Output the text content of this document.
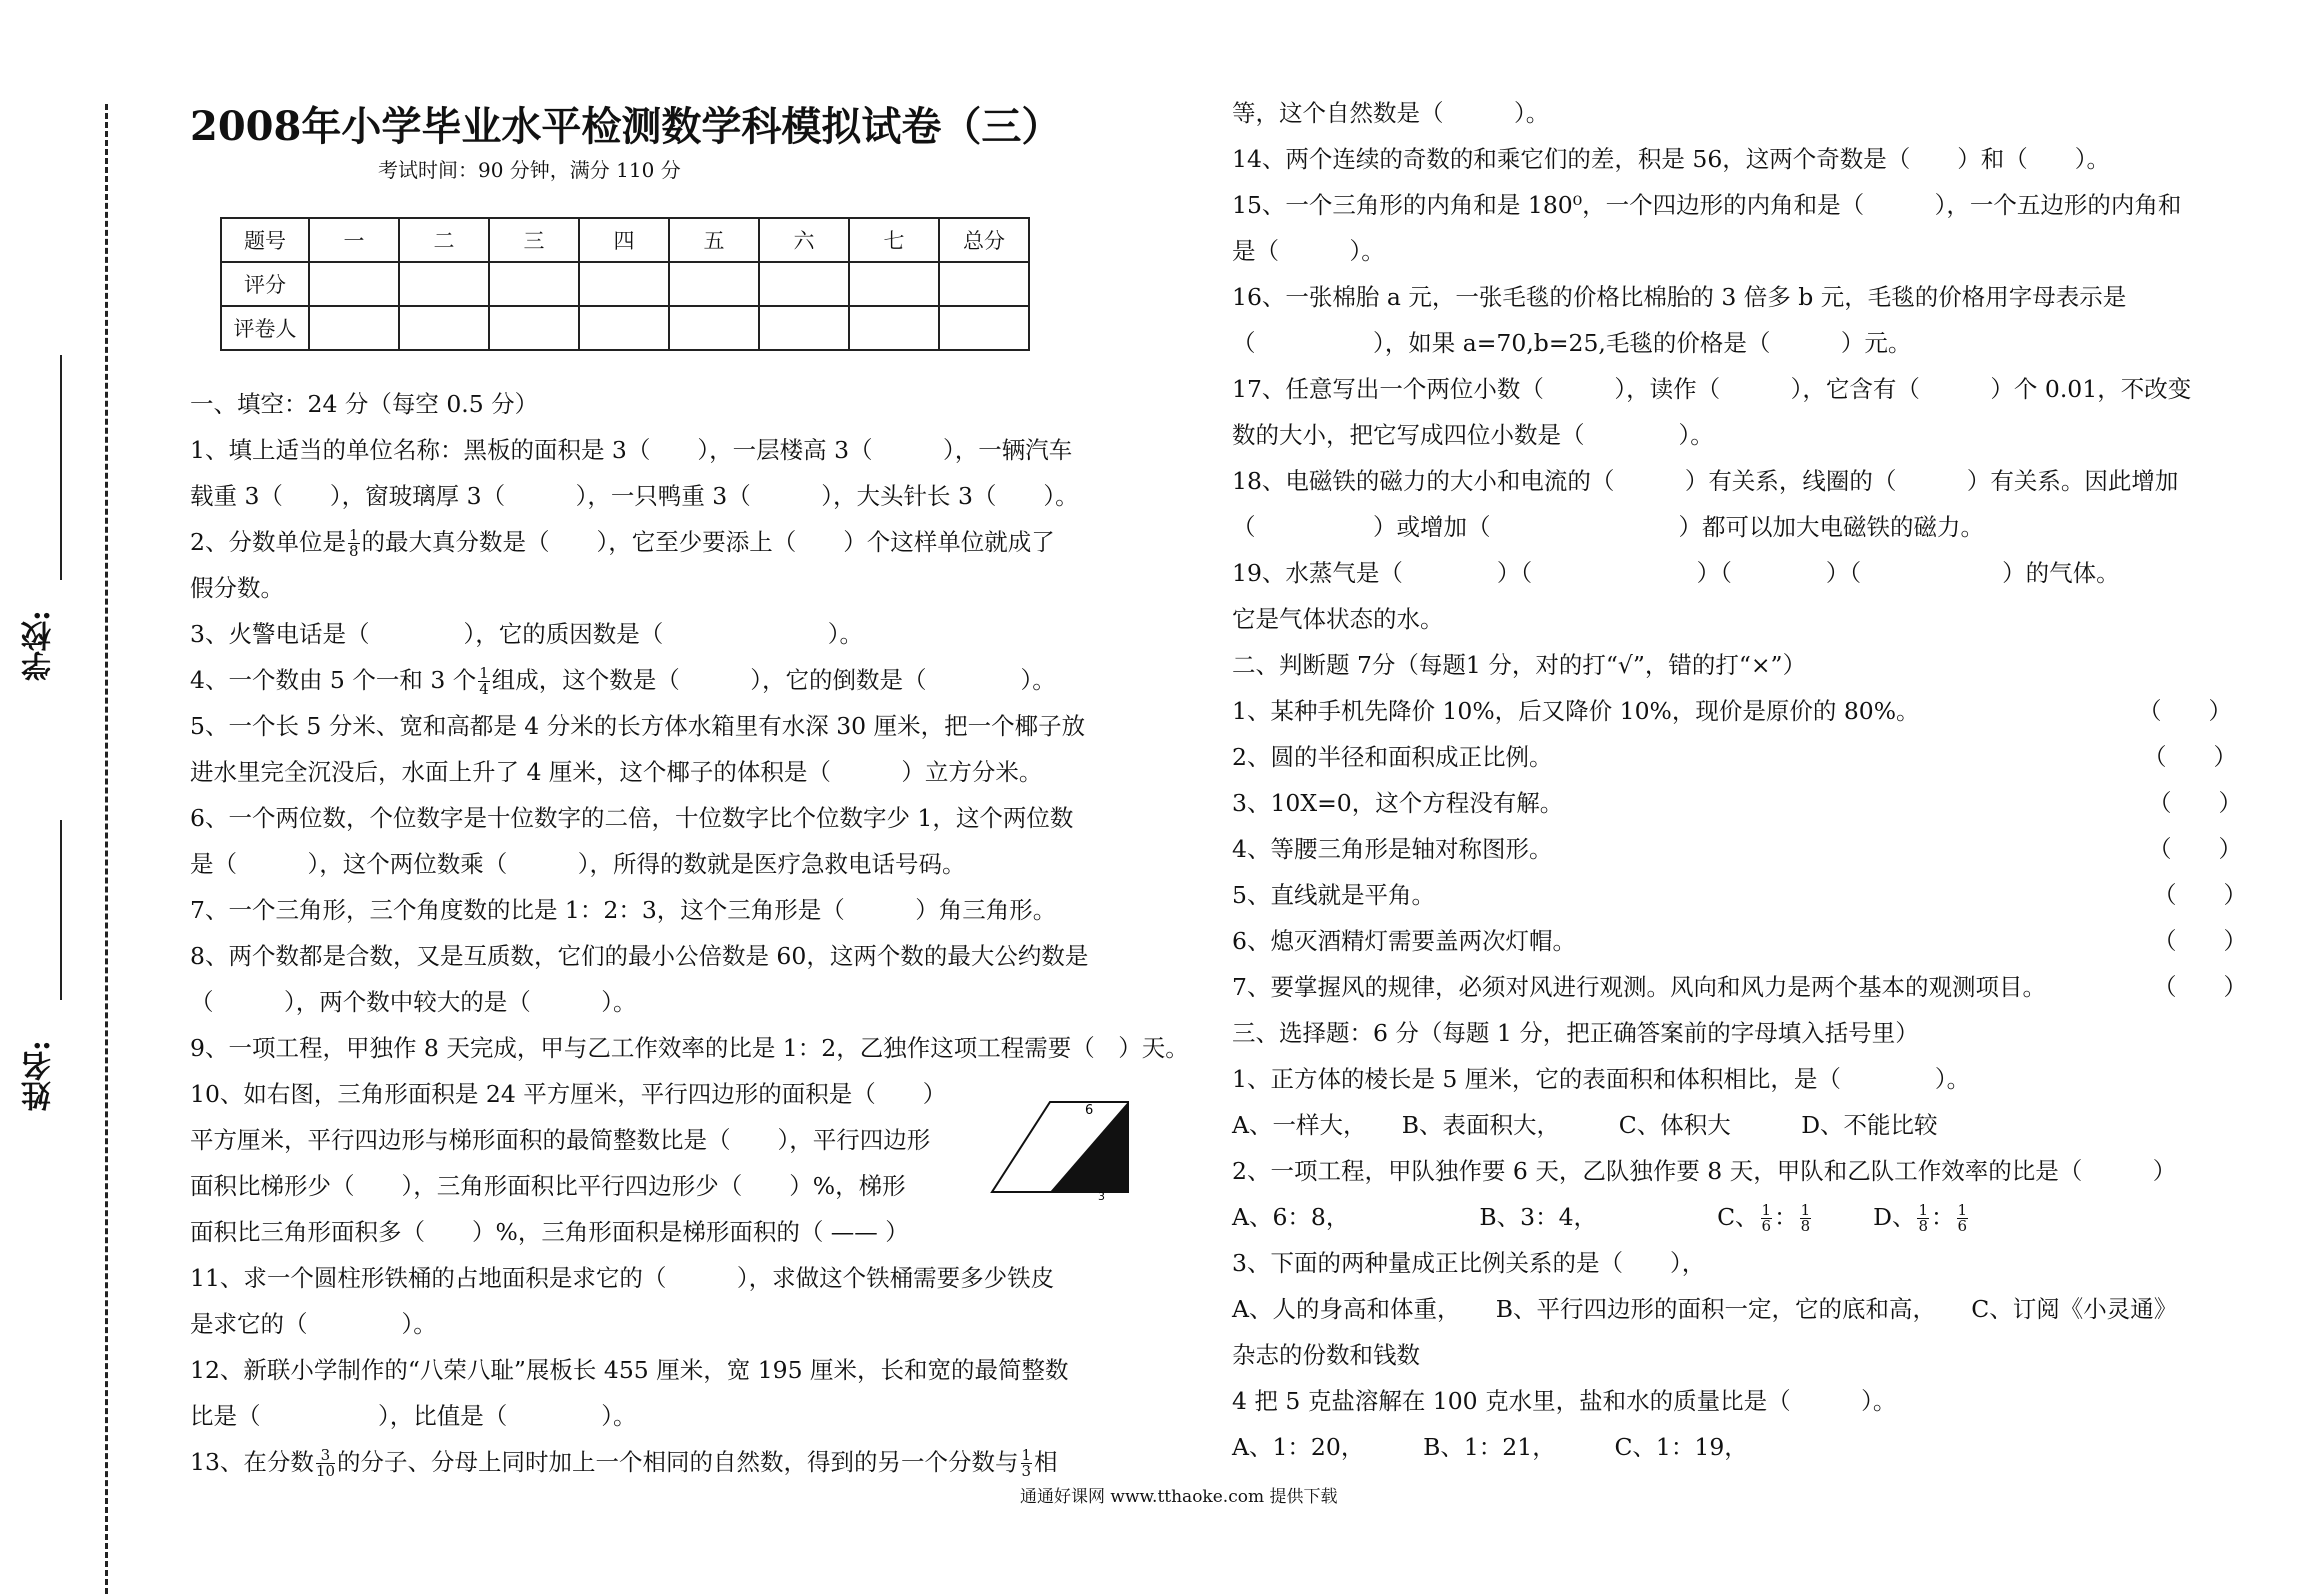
学校:
姓名:
2008年小学毕业水平检测数学科模拟试卷（三）
考试时间：90 分钟，满分 110 分
题号	一	二	三	四	五	六	七	总分
评分								
评卷人								

一、填空：24 分（每空 0.5 分）

1、填上适当的单位名称：黑板的面积是 3（　　），一层楼高 3（　　　），一辆汽车

载重 3（　　），窗玻璃厚 3（　　　），一只鸭重 3（　　　），大头针长 3（　　）。

2、分数单位是 $\frac{1}{8}$ 的最大真分数是（　　），它至少要添上（　　）个这样单位就成了

假分数。

3、火警电话是（　　　　），它的质因数是（　　　　　　　）。

4、一个数由 5 个一和 3 个 $\frac{1}{4}$ 组成，这个数是（　　　），它的倒数是（　　　　）。

5、一个长 5 分米、宽和高都是 4 分米的长方体水箱里有水深 30 厘米，把一个椰子放

进水里完全沉没后，水面上升了 4 厘米，这个椰子的体积是（　　　）立方分米。

6、一个两位数，个位数字是十位数字的二倍，十位数字比个位数字少 1，这个两位数

是（　　　），这个两位数乘（　　　），所得的数就是医疗急救电话号码。

7、一个三角形，三个角度数的比是 1：2：3，这个三角形是（　　　）角三角形。

8、两个数都是合数，又是互质数，它们的最小公倍数是 60，这两个数的最大公约数是

（　　　），两个数中较大的是（　　　）。

9、一项工程，甲独作 8 天完成，甲与乙工作效率的比是 1：2，乙独作这项工程需要（　）天。

10、如右图，三角形面积是 24 平方厘米，平行四边形的面积是（　　）

平方厘米，平行四边形与梯形面积的最简整数比是（　　），平行四边形

面积比梯形少（　　），三角形面积比平行四边形少（　　）%，梯形

面积比三角形面积多（　　）%，三角形面积是梯形面积的（ —— ）

11、求一个圆柱形铁桶的占地面积是求它的（　　　），求做这个铁桶需要多少铁皮

是求它的（　　　　）。

12、新联小学制作的“八荣八耻”展板长 455 厘米，宽 195 厘米，长和宽的最简整数

比是（　　　　　），比值是（　　　　）。

13、在分数 $\frac{3}{10}$ 的分子、分母上同时加上一个相同的自然数，得到的另一个分数与 $\frac{1}{3}$ 相

6
3

等，这个自然数是（　　　）。

14、两个连续的奇数的和乘它们的差，积是 56，这两个奇数是（　　）和（　　）。

15、一个三角形的内角和是 180⁰，一个四边形的内角和是（　　　），一个五边形的内角和

是（　　　）。

16、一张棉胎 a 元，一张毛毯的价格比棉胎的 3 倍多 b 元，毛毯的价格用字母表示是

（　　　　　），如果 a=70,b=25,毛毯的价格是（　　　）元。

17、任意写出一个两位小数（　　　），读作（　　　），它含有（　　　）个 0.01，不改变

数的大小，把它写成四位小数是（　　　　）。

18、电磁铁的磁力的大小和电流的（　　　）有关系，线圈的（　　　）有关系。因此增加

（　　　　　）或增加（　　　　　　　　）都可以加大电磁铁的磁力。

19、水蒸气是（　　　　）（　　　　　　　）（　　　　）（　　　　　　）的气体。

它是气体状态的水。

二、判断题 7分（每题1 分，对的打“√”，错的打“×”）

1、某种手机先降价 10%，后又降价 10%，现价是原价的 80%。	（　　）

2、圆的半径和面积成正比例。	（　　）

3、10X=0，这个方程没有解。	（　　）

4、等腰三角形是轴对称图形。	（　　）

5、直线就是平角。	（　　）

6、熄灭酒精灯需要盖两次灯帽。	（　　）

7、要掌握风的规律，必须对风进行观测。风向和风力是两个基本的观测项目。	（　　）

三、选择题：6 分（每题 1 分，把正确答案前的字母填入括号里）

1、正方体的棱长是 5 厘米，它的表面积和体积相比，是（　　　　）。

A、一样大，　　B、表面积大，　　　C、体积大　　　D、不能比较

2、一项工程，甲队独作要 6 天，乙队独作要 8 天，甲队和乙队工作效率的比是（　　　）

A、6：8，	B、3：4，	C、 $\frac{1}{6}$ ： $\frac{1}{8}$	D、 $\frac{1}{8}$ ： $\frac{1}{6}$

3、下面的两种量成正比例关系的是（　　），

A、人的身高和体重，　　B、平行四边形的面积一定，它的底和高，　　C、订阅《小灵通》

杂志的份数和钱数

4 把 5 克盐溶解在 100 克水里，盐和水的质量比是（　　　）。

A、1：20，　　　B、1：21，　　　C、1：19，

通通好课网 www.tthaoke.com 提供下载
